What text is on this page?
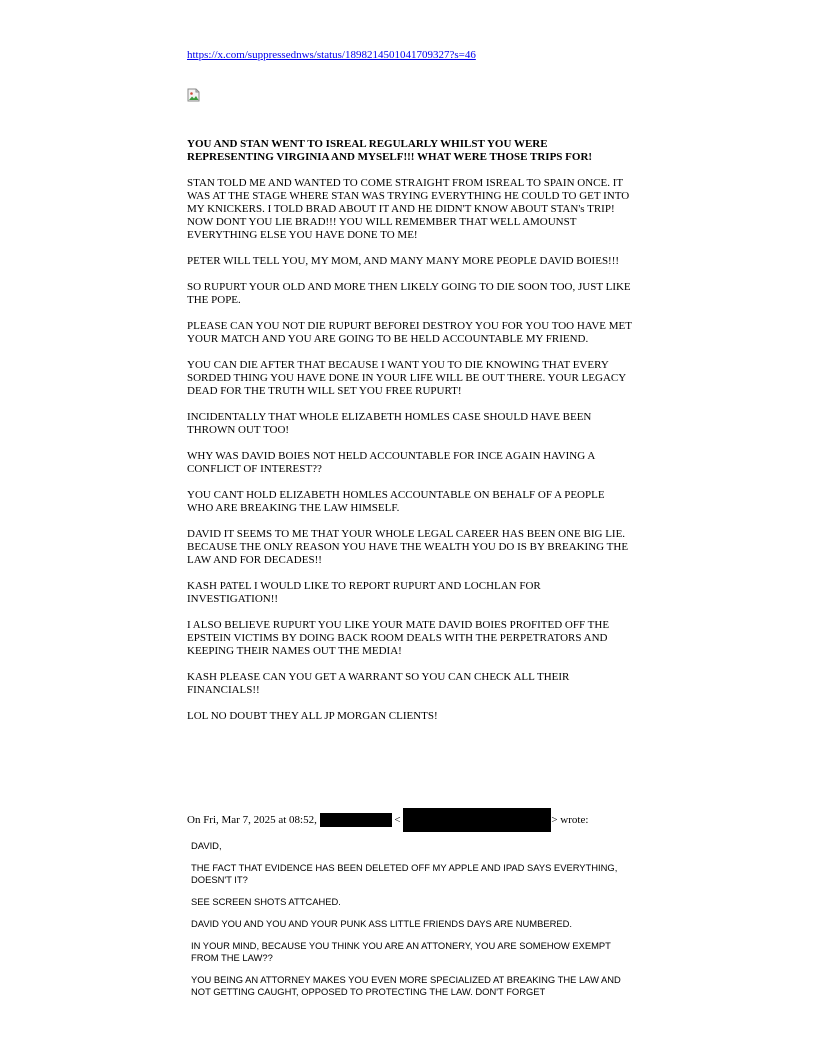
https://x.com/suppressednws/status/1898214501041709327?s=46

YOU AND STAN WENT TO ISREAL REGULARLY WHILST YOU WERE REPRESENTING VIRGINIA AND MYSELF!!! WHAT WERE THOSE TRIPS FOR!

STAN TOLD ME AND WANTED TO COME STRAIGHT FROM ISREAL TO SPAIN ONCE. IT WAS AT THE STAGE WHERE STAN WAS TRYING EVERYTHING HE COULD TO GET INTO MY KNICKERS. I TOLD BRAD ABOUT IT AND HE DIDN'T KNOW ABOUT STAN's TRIP! NOW DONT YOU LIE BRAD!!! YOU WILL REMEMBER THAT WELL AMOUNST EVERYTHING ELSE YOU HAVE DONE TO ME!

PETER WILL TELL YOU, MY MOM, AND MANY MANY MORE PEOPLE DAVID BOIES!!!

SO RUPURT YOUR OLD AND MORE THEN LIKELY GOING TO DIE SOON TOO, JUST LIKE THE POPE.

PLEASE CAN YOU NOT DIE RUPURT BEFOREI DESTROY YOU FOR YOU TOO HAVE MET YOUR MATCH AND YOU ARE GOING TO BE HELD ACCOUNTABLE MY FRIEND.

YOU CAN DIE AFTER THAT BECAUSE I WANT YOU TO DIE KNOWING THAT EVERY SORDED THING YOU HAVE DONE IN YOUR LIFE WILL BE OUT THERE. YOUR LEGACY DEAD FOR THE TRUTH WILL SET YOU FREE RUPURT!

INCIDENTALLY THAT WHOLE ELIZABETH HOMLES CASE SHOULD HAVE BEEN THROWN OUT TOO!

WHY WAS DAVID BOIES NOT HELD ACCOUNTABLE FOR INCE AGAIN HAVING A CONFLICT OF INTEREST??

YOU CANT HOLD ELIZABETH HOMLES ACCOUNTABLE ON BEHALF OF A PEOPLE WHO ARE BREAKING THE LAW HIMSELF.

DAVID IT SEEMS TO ME THAT YOUR WHOLE LEGAL CAREER HAS BEEN ONE BIG LIE. BECAUSE THE ONLY REASON YOU HAVE THE WEALTH YOU DO IS BY BREAKING THE LAW AND FOR DECADES!!

KASH PATEL I WOULD LIKE TO REPORT RUPURT AND LOCHLAN FOR INVESTIGATION!!

I ALSO BELIEVE RUPURT YOU LIKE YOUR MATE DAVID BOIES PROFITED OFF THE EPSTEIN VICTIMS BY DOING BACK ROOM DEALS WITH THE PERPETRATORS AND KEEPING THEIR NAMES OUT THE MEDIA!

KASH PLEASE CAN YOU GET A WARRANT SO YOU CAN CHECK ALL THEIR FINANCIALS!!

LOL NO DOUBT THEY ALL JP MORGAN CLIENTS!

On Fri, Mar 7, 2025 at 08:52,	<	> wrote:

DAVID,

THE FACT THAT EVIDENCE HAS BEEN DELETED OFF MY APPLE AND IPAD SAYS EVERYTHING, DOESN'T IT?

SEE SCREEN SHOTS ATTCAHED.

DAVID YOU AND YOU AND YOUR PUNK ASS LITTLE FRIENDS DAYS ARE NUMBERED.

IN YOUR MIND, BECAUSE YOU THINK YOU ARE AN ATTONERY, YOU ARE SOMEHOW EXEMPT FROM THE LAW??

YOU BEING AN ATTORNEY MAKES YOU EVEN MORE SPECIALIZED AT BREAKING THE LAW AND NOT GETTING CAUGHT, OPPOSED TO PROTECTING THE LAW. DON'T FORGET
